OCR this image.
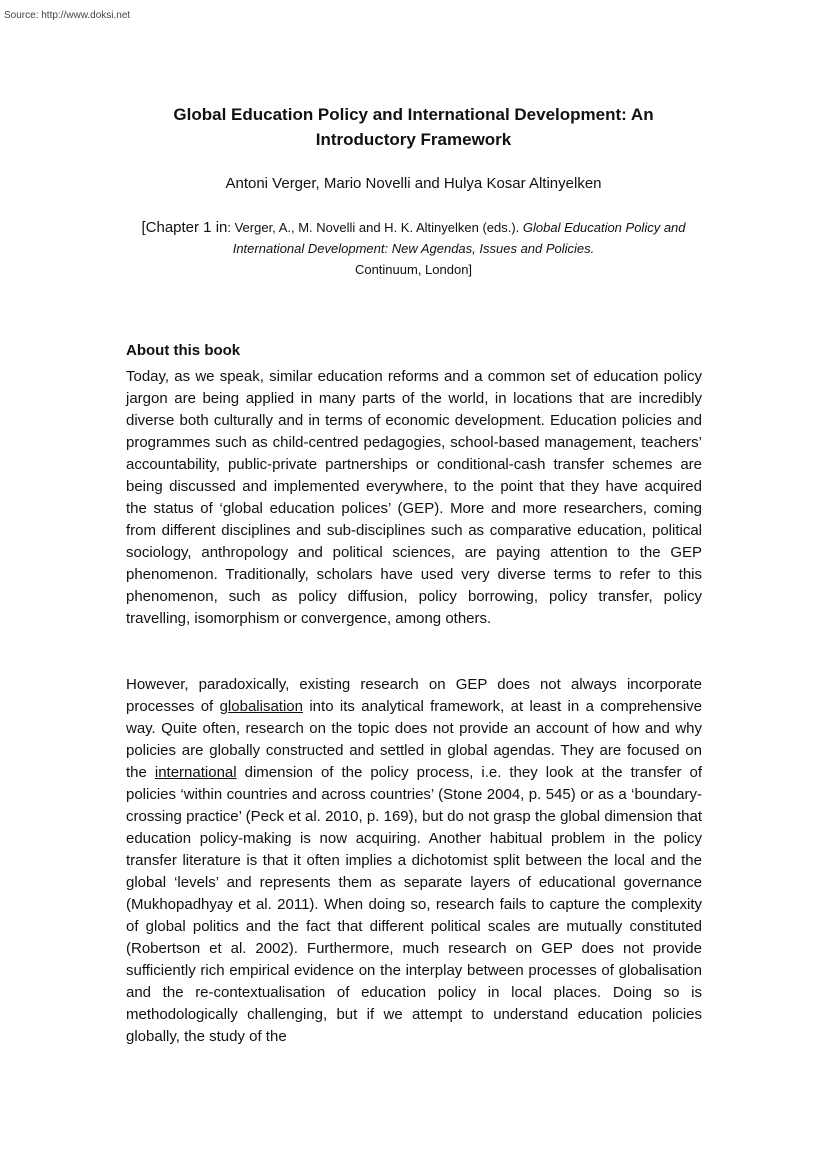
Source: http://www.doksi.net
Global Education Policy and International Development: An
Introductory Framework
Antoni Verger, Mario Novelli and Hulya Kosar Altinyelken
[Chapter 1 in: Verger, A., M. Novelli and H. K. Altinyelken (eds.). Global Education Policy and International Development: New Agendas, Issues and Policies.
Continuum, London]
About this book

Today, as we speak, similar education reforms and a common set of education policy jargon are being applied in many parts of the world, in locations that are incredibly diverse both culturally and in terms of economic development. Education policies and programmes such as child-centred pedagogies, school-based management, teachers’ accountability, public-private partnerships or conditional-cash transfer schemes are being discussed and implemented everywhere, to the point that they have acquired the status of ‘global education polices’ (GEP). More and more researchers, coming from different disciplines and sub-disciplines such as comparative education, political sociology, anthropology and political sciences, are paying attention to the GEP phenomenon. Traditionally, scholars have used very diverse terms to refer to this phenomenon, such as policy diffusion, policy borrowing, policy transfer, policy travelling, isomorphism or convergence, among others.

However, paradoxically, existing research on GEP does not always incorporate processes of globalisation into its analytical framework, at least in a comprehensive way. Quite often, research on the topic does not provide an account of how and why policies are globally constructed and settled in global agendas. They are focused on the international dimension of the policy process, i.e. they look at the transfer of policies ‘within countries and across countries’ (Stone 2004, p. 545) or as a ‘boundary-crossing practice’ (Peck et al. 2010, p. 169), but do not grasp the global dimension that education policy-making is now acquiring. Another habitual problem in the policy transfer literature is that it often implies a dichotomist split between the local and the global ‘levels’ and represents them as separate layers of educational governance (Mukhopadhyay et al. 2011). When doing so, research fails to capture the complexity of global politics and the fact that different political scales are mutually constituted (Robertson et al. 2002). Furthermore, much research on GEP does not provide sufficiently rich empirical evidence on the interplay between processes of globalisation and the re-contextualisation of education policy in local places. Doing so is methodologically challenging, but if we attempt to understand education policies globally, the study of the
